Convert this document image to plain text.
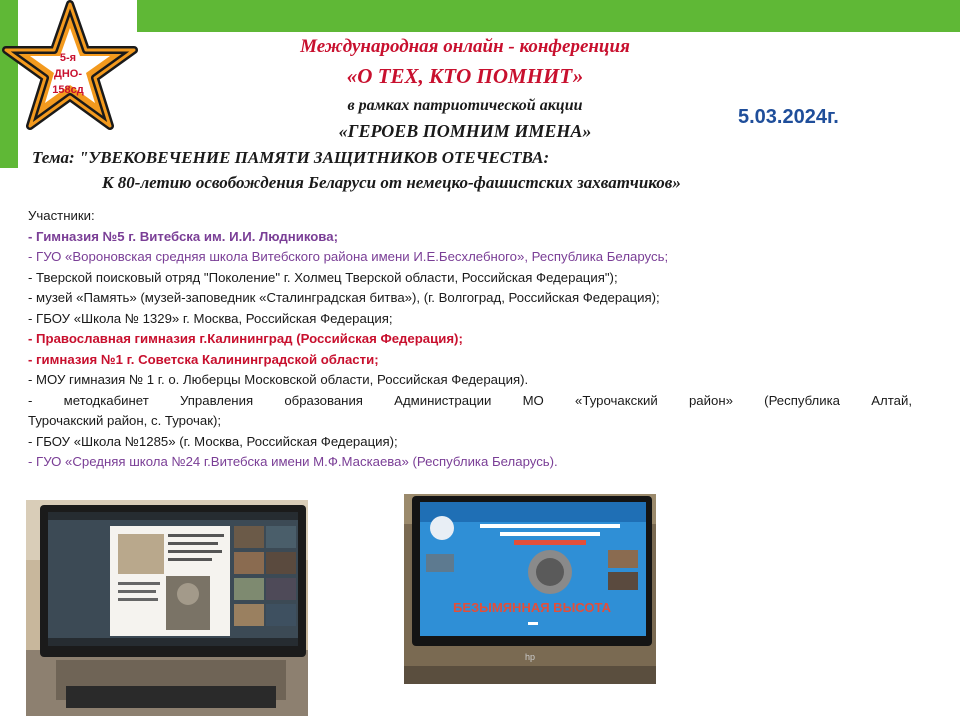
5-я
ДНО-
158сд
Международная онлайн - конференция
«О ТЕХ, КТО ПОМНИТ»
в рамках патриотической акции
«ГЕРОЕВ ПОМНИМ ИМЕНА»
5.03.2024г.
Тема: "УВЕКОВЕЧЕНИЕ ПАМЯТИ ЗАЩИТНИКОВ ОТЕЧЕСТВА:
К 80-летию освобождения Беларуси от немецко-фашистских захватчиков»

Участники:

- Гимназия №5 г. Витебска им. И.И. Людникова;

- ГУО «Вороновская средняя школа Витебского района имени И.Е.Бесхлебного», Республика Беларусь;

- Тверской поисковый отряд "Поколение" г. Холмец Тверской области, Российская Федерация");

- музей «Память» (музей-заповедник «Сталинградская битва»), (г. Волгоград, Российская Федерация);

- ГБОУ «Школа № 1329» г. Москва, Российская Федерация;

- Православная гимназия г.Калининград (Российская Федерация);

- гимназия №1 г. Советска Калининградской области;

- МОУ гимназия № 1 г. о. Люберцы Московской области, Российская Федерация).

- методкабинет Управления образования Администрации МО «Турочакский район» (Республика Алтай,

Турочакский район, с. Турочак);

- ГБОУ «Школа №1285» (г. Москва, Российская Федерация);

- ГУО «Средняя школа №24 г.Витебска имени М.Ф.Маскаева» (Республика Беларусь).

БЕЗЫМЯННАЯ ВЫСОТА
hp
